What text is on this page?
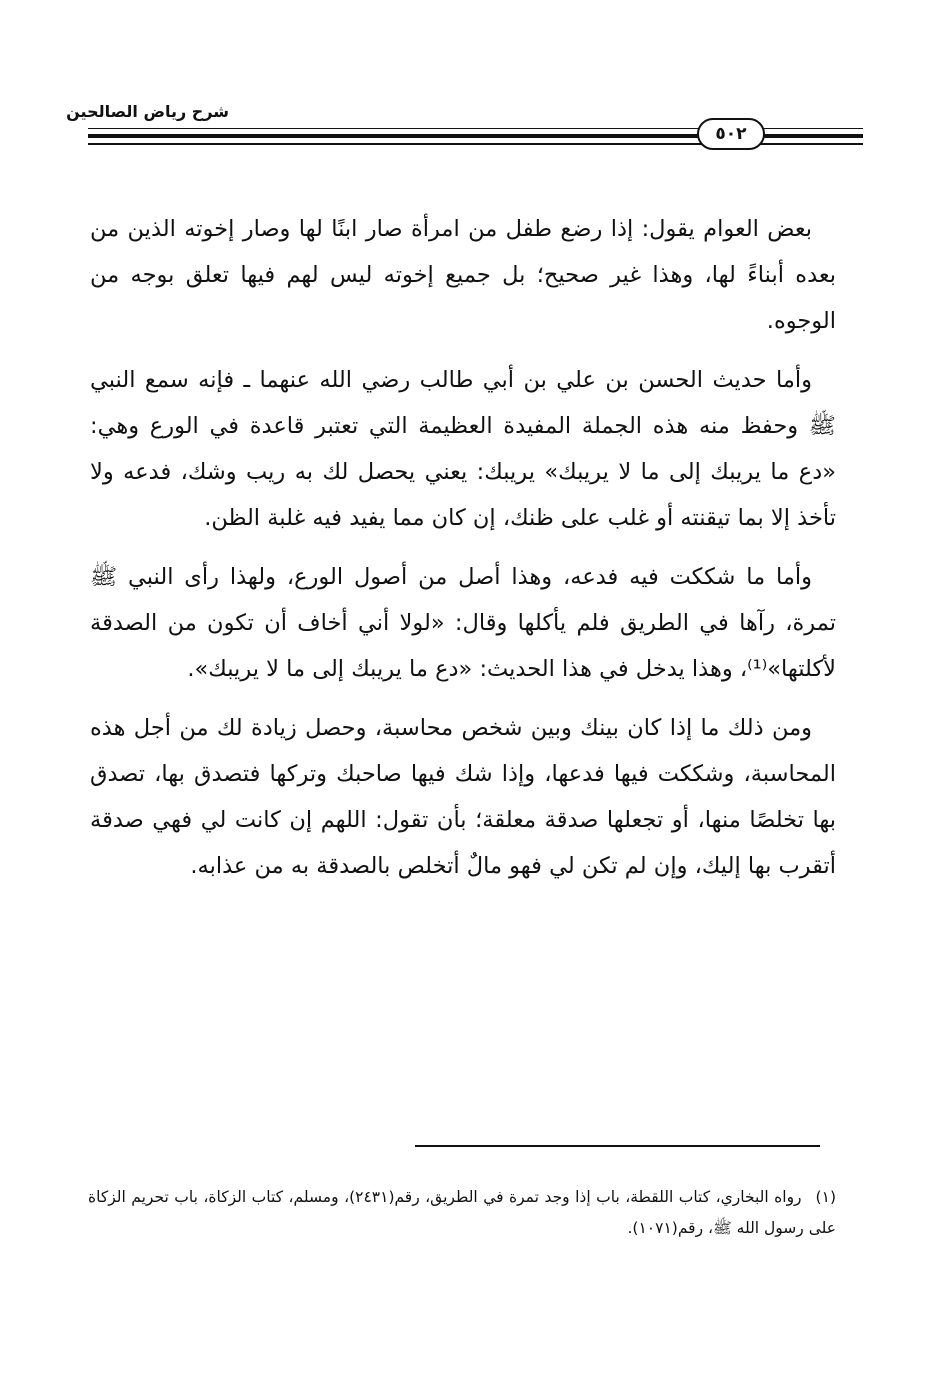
شرح رياض الصالحين
٥٠٢

بعض العوام يقول: إذا رضع طفل من امرأة صار ابنًا لها وصار إخوته الذين من بعده أبناءً لها، وهذا غير صحيح؛ بل جميع إخوته ليس لهم فيها تعلق بوجه من الوجوه.

وأما حديث الحسن بن علي بن أبي طالب رضي الله عنهما ـ فإنه سمع النبي ﷺ وحفظ منه هذه الجملة المفيدة العظيمة التي تعتبر قاعدة في الورع وهي: «دع ما يريبك إلى ما لا يريبك» يريبك: يعني يحصل لك به ريب وشك، فدعه ولا تأخذ إلا بما تيقنته أو غلب على ظنك، إن كان مما يفيد فيه غلبة الظن.

وأما ما شككت فيه فدعه، وهذا أصل من أصول الورع، ولهذا رأى النبي ﷺ تمرة، رآها في الطريق فلم يأكلها وقال: «لولا أني أخاف أن تكون من الصدقة لأكلتها»⁽¹⁾، وهذا يدخل في هذا الحديث: «دع ما يريبك إلى ما لا يريبك».

ومن ذلك ما إذا كان بينك وبين شخص محاسبة، وحصل زيادة لك من أجل هذه المحاسبة، وشككت فيها فدعها، وإذا شك فيها صاحبك وتركها فتصدق بها، تصدق بها تخلصًا منها، أو تجعلها صدقة معلقة؛ بأن تقول: اللهم إن كانت لي فهي صدقة أتقرب بها إليك، وإن لم تكن لي فهو مالٌ أتخلص بالصدقة به من عذابه.

(١)رواه البخاري، كتاب اللقطة، باب إذا وجد تمرة في الطريق، رقم(٢٤٣١)، ومسلم، كتاب الزكاة، باب تحريم الزكاة على رسول الله ﷺ، رقم(١٠٧١).
